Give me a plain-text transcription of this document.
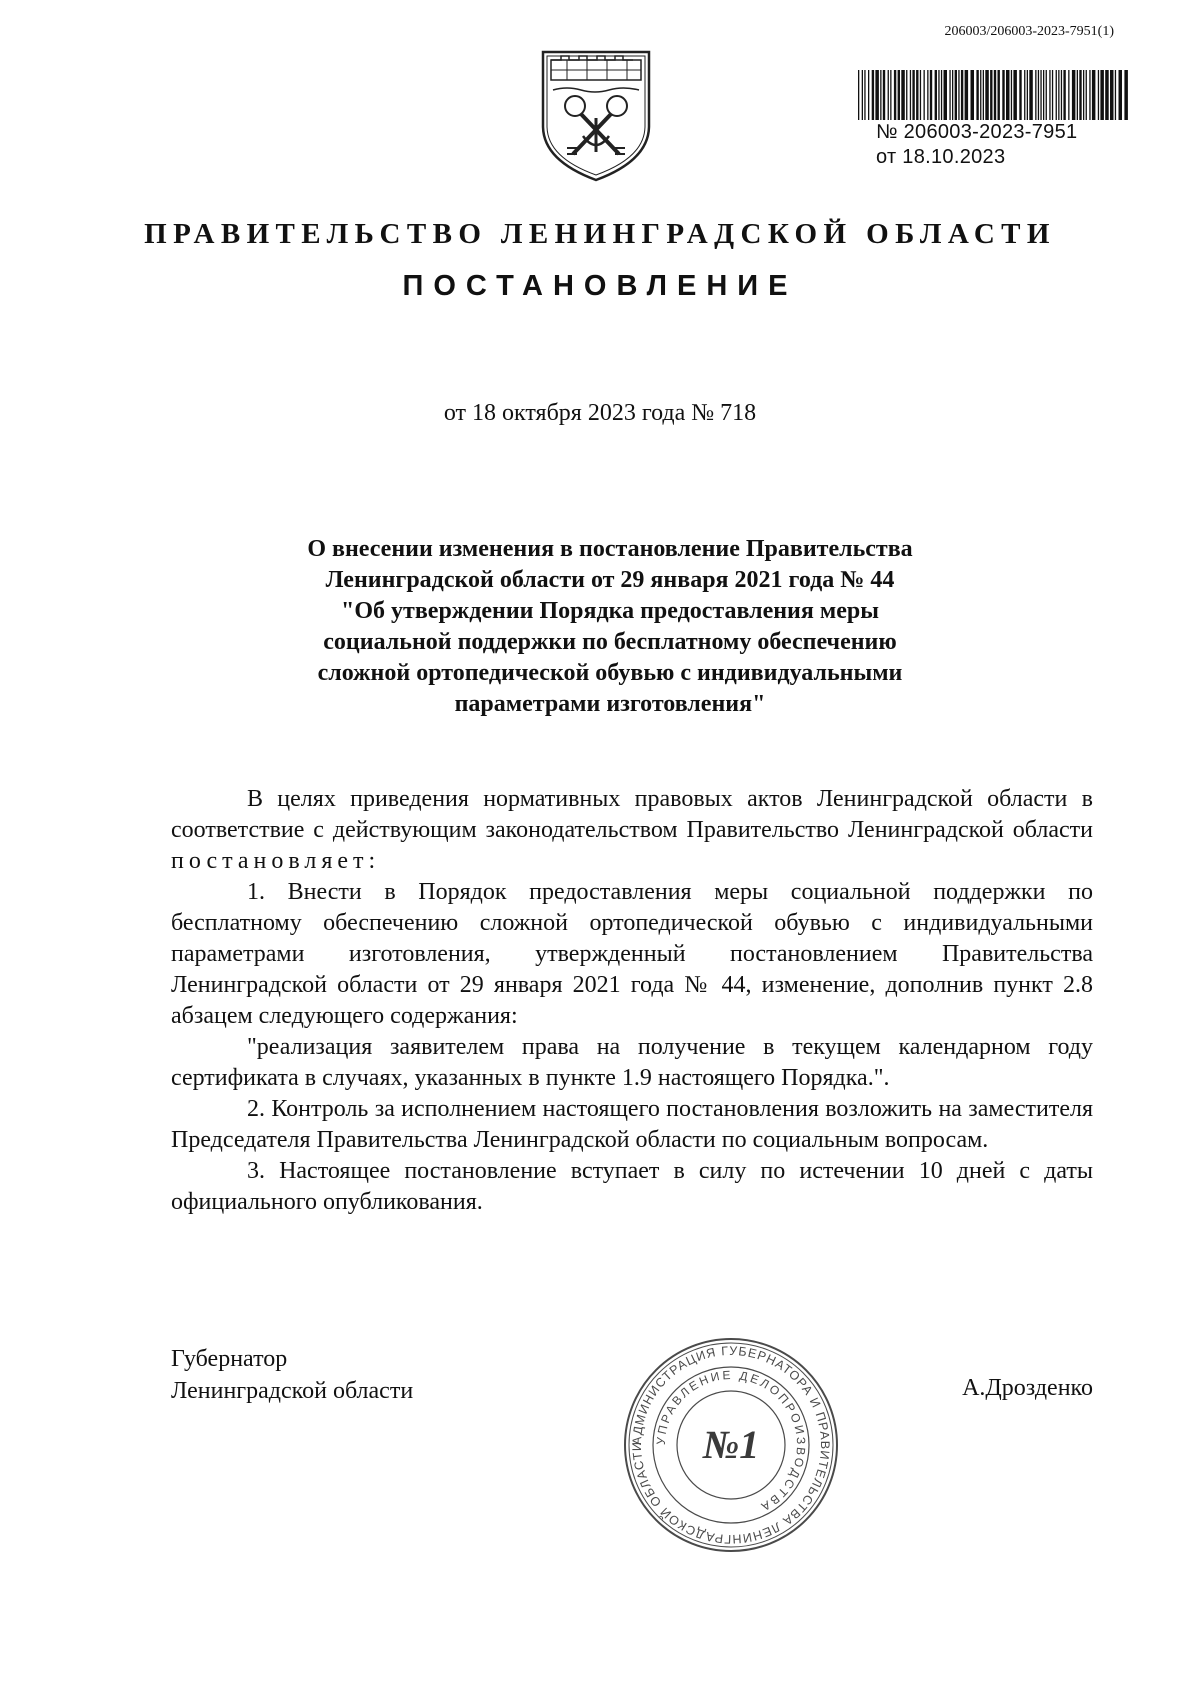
206003/206003-2023-7951(1)
№ 206003-2023-7951
от 18.10.2023
ПРАВИТЕЛЬСТВО ЛЕНИНГРАДСКОЙ ОБЛАСТИ
ПОСТАНОВЛЕНИЕ
от 18 октября 2023 года № 718
О внесении изменения в постановление Правительства
Ленинградской области от 29 января 2021 года № 44
"Об утверждении Порядка предоставления меры
социальной поддержки по бесплатному обеспечению
сложной ортопедической обувью с индивидуальными
параметрами изготовления"

В целях приведения нормативных правовых актов Ленинградской области в соответствие с действующим законодательством Правительство Ленинградской области постановляет:

1. Внести в Порядок предоставления меры социальной поддержки по бесплатному обеспечению сложной ортопедической обувью с индивидуальными параметрами изготовления, утвержденный постановлением Правительства Ленинградской области от 29 января 2021 года № 44, изменение, дополнив пункт 2.8 абзацем следующего содержания:

"реализация заявителем права на получение в текущем календарном году сертификата в случаях, указанных в пункте 1.9 настоящего Порядка.".

2. Контроль за исполнением настоящего постановления возложить на заместителя Председателя Правительства Ленинградской области по социальным вопросам.

3. Настоящее постановление вступает в силу по истечении 10 дней с даты официального опубликования.

Губернатор
Ленинградской области	А.Дрозденко
АДМИНИСТРАЦИЯ ГУБЕРНАТОРА И ПРАВИТЕЛЬСТВА ЛЕНИНГРАДСКОЙ ОБЛАСТИ
УПРАВЛЕНИЕ ДЕЛОПРОИЗВОДСТВА
№1
